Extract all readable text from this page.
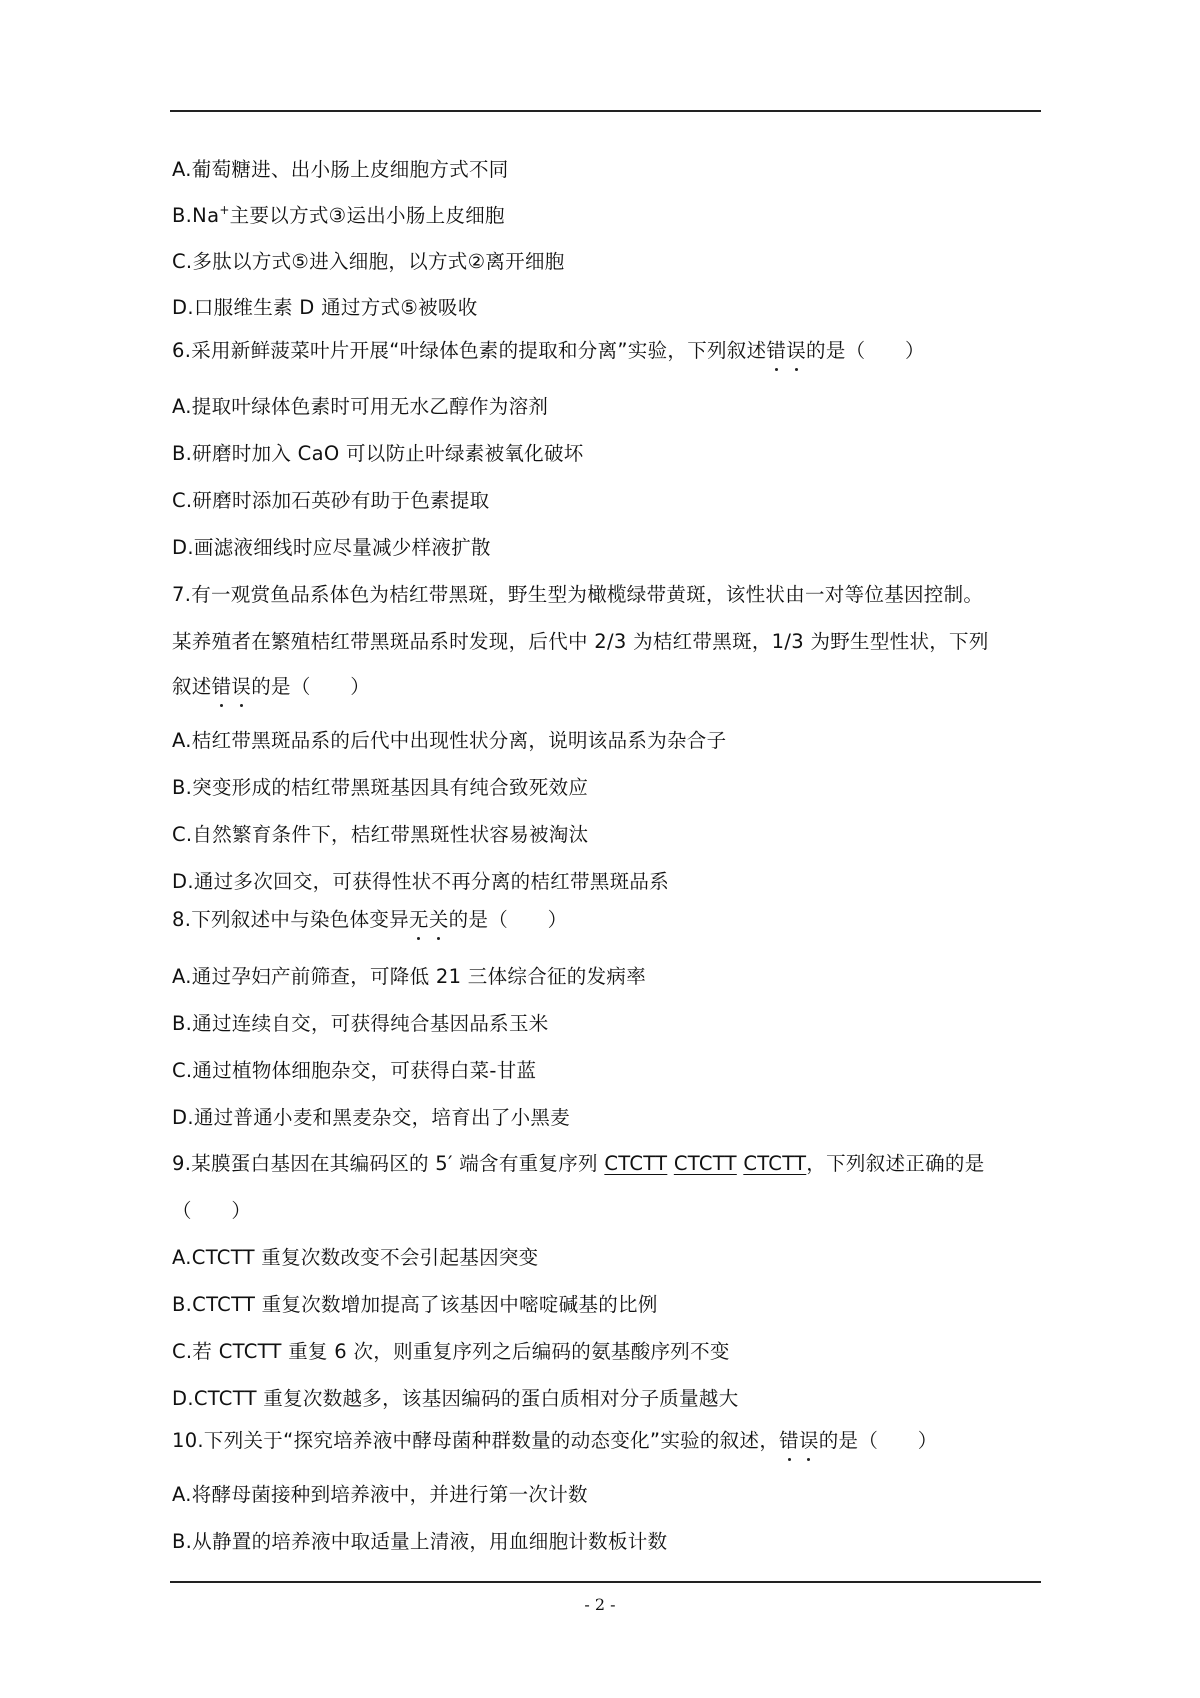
A.葡萄糖进、出小肠上皮细胞方式不同
B.Na+主要以方式③运出小肠上皮细胞
C.多肽以方式⑤进入细胞，以方式②离开细胞
D.口服维生素 D 通过方式⑤被吸收
6.采用新鲜菠菜叶片开展“叶绿体色素的提取和分离”实验，下列叙述错误的是（　　）
A.提取叶绿体色素时可用无水乙醇作为溶剂
B.研磨时加入 CaO 可以防止叶绿素被氧化破坏
C.研磨时添加石英砂有助于色素提取
D.画滤液细线时应尽量减少样液扩散
7.有一观赏鱼品系体色为桔红带黑斑，野生型为橄榄绿带黄斑，该性状由一对等位基因控制。
某养殖者在繁殖桔红带黑斑品系时发现，后代中 2/3 为桔红带黑斑，1/3 为野生型性状，下列
叙述错误的是（　　）
A.桔红带黑斑品系的后代中出现性状分离，说明该品系为杂合子
B.突变形成的桔红带黑斑基因具有纯合致死效应
C.自然繁育条件下，桔红带黑斑性状容易被淘汰
D.通过多次回交，可获得性状不再分离的桔红带黑斑品系
8.下列叙述中与染色体变异无关的是（　　）
A.通过孕妇产前筛查，可降低 21 三体综合征的发病率
B.通过连续自交，可获得纯合基因品系玉米
C.通过植物体细胞杂交，可获得白菜-甘蓝
D.通过普通小麦和黑麦杂交，培育出了小黑麦
9.某膜蛋白基因在其编码区的 5′ 端含有重复序列 CTCTT CTCTT CTCTT，下列叙述正确的是
（　　）
A.CTCTT 重复次数改变不会引起基因突变
B.CTCTT 重复次数增加提高了该基因中嘧啶碱基的比例
C.若 CTCTT 重复 6 次，则重复序列之后编码的氨基酸序列不变
D.CTCTT 重复次数越多，该基因编码的蛋白质相对分子质量越大
10.下列关于“探究培养液中酵母菌种群数量的动态变化”实验的叙述，错误的是（　　）
A.将酵母菌接种到培养液中，并进行第一次计数
B.从静置的培养液中取适量上清液，用血细胞计数板计数
- 2 -
